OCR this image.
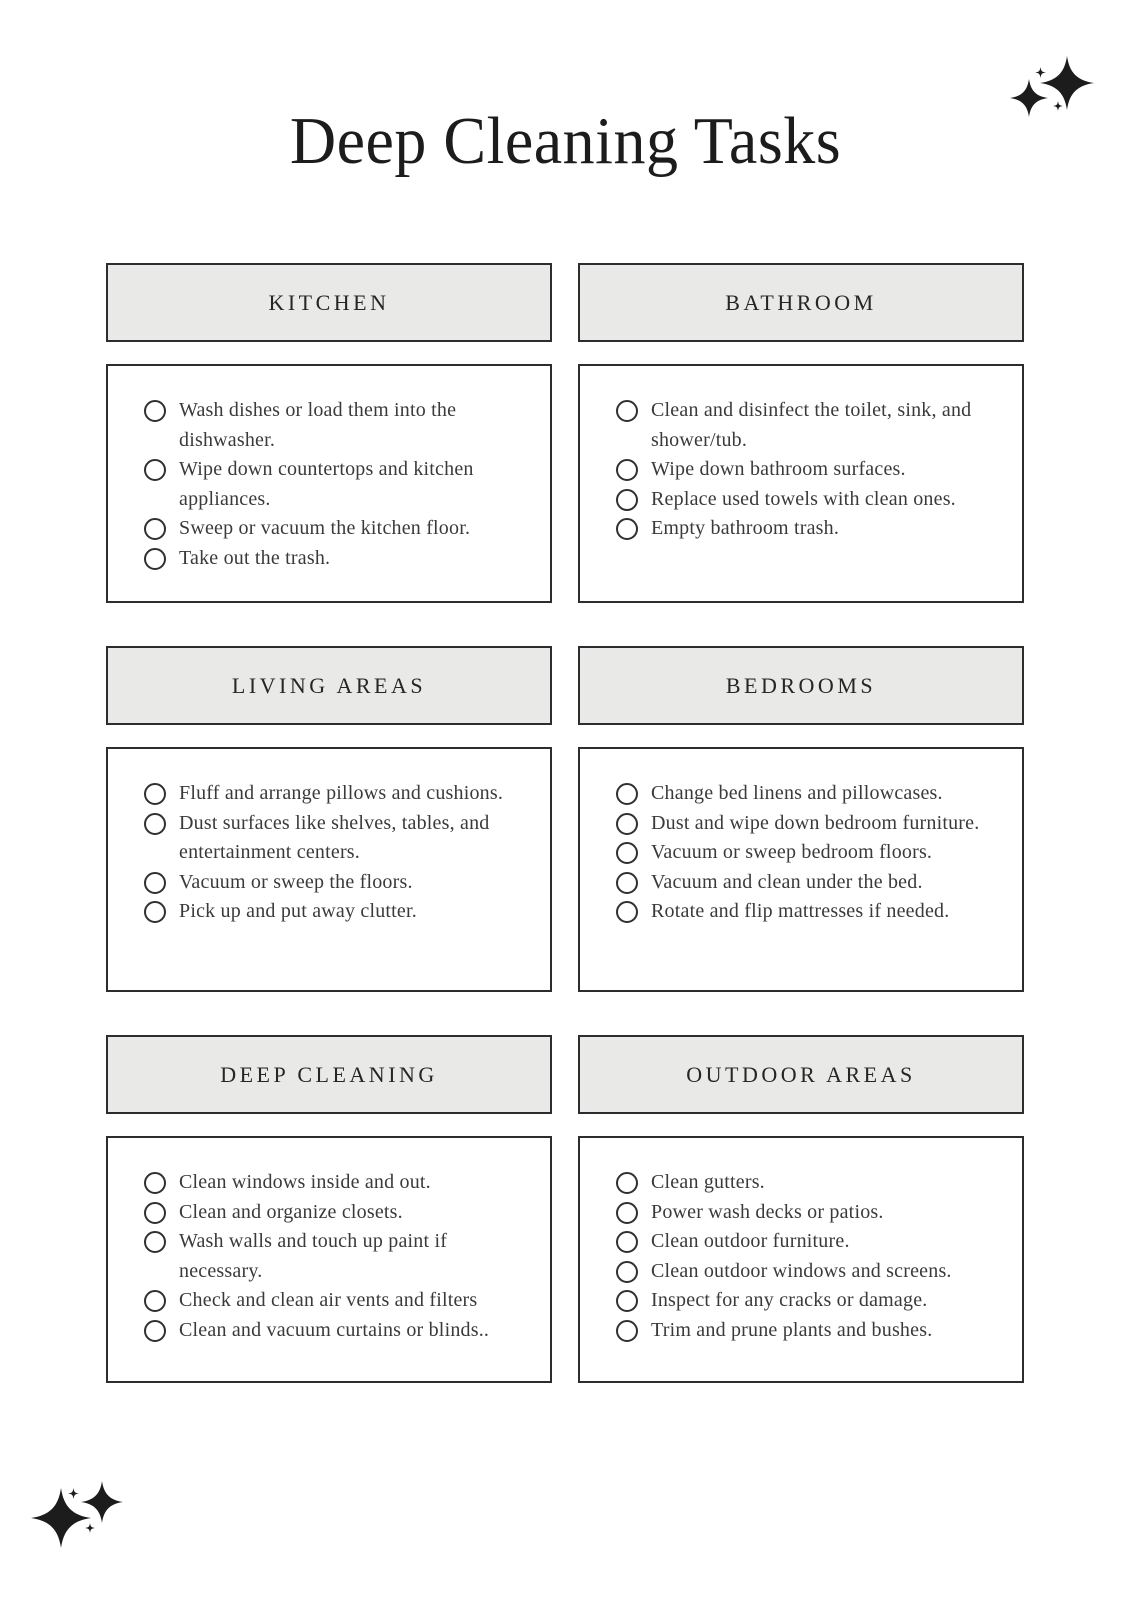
Deep Cleaning Tasks
KITCHEN
Wash dishes or load them into the dishwasher.
Wipe down countertops and kitchen appliances.
Sweep or vacuum the kitchen floor.
Take out the trash.
BATHROOM
Clean and disinfect the toilet, sink, and shower/tub.
Wipe down bathroom surfaces.
Replace used towels with clean ones.
Empty bathroom trash.
LIVING AREAS
Fluff and arrange pillows and cushions.
Dust surfaces like shelves, tables, and entertainment centers.
Vacuum or sweep the floors.
Pick up and put away clutter.
BEDROOMS
Change bed linens and pillowcases.
Dust and wipe down bedroom furniture.
Vacuum or sweep bedroom floors.
Vacuum and clean under the bed.
Rotate and flip mattresses if needed.
DEEP CLEANING
Clean windows inside and out.
Clean and organize closets.
Wash walls and touch up paint if necessary.
Check and clean air vents and filters
Clean and vacuum curtains or blinds..
OUTDOOR AREAS
Clean gutters.
Power wash decks or patios.
Clean outdoor furniture.
Clean outdoor windows and screens.
Inspect for any cracks or damage.
Trim and prune plants and bushes.
